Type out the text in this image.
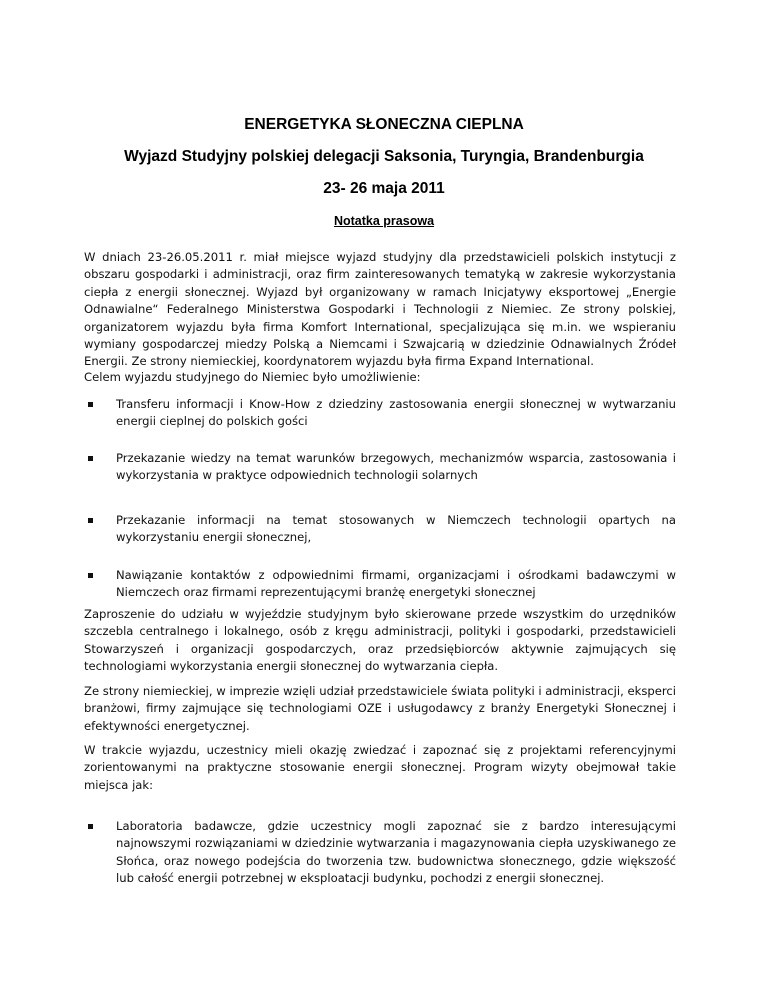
ENERGETYKA SŁONECZNA CIEPLNA
Wyjazd Studyjny polskiej delegacji Saksonia, Turyngia, Brandenburgia
23- 26 maja 2011
Notatka prasowa
W dniach 23-26.05.2011 r. miał miejsce wyjazd studyjny dla przedstawicieli polskich instytucji z obszaru gospodarki i administracji, oraz firm zainteresowanych tematyką w zakresie wykorzystania ciepła z energii słonecznej. Wyjazd był organizowany w ramach Inicjatywy eksportowej „Energie Odnawialne“ Federalnego Ministerstwa Gospodarki i Technologii z Niemiec. Ze strony polskiej, organizatorem wyjazdu była firma Komfort International, specjalizująca się m.in. we wspieraniu wymiany gospodarczej miedzy Polską a Niemcami i Szwajcarią w dziedzinie Odnawialnych Źródeł Energii. Ze strony niemieckiej, koordynatorem wyjazdu była firma Expand International.
Celem wyjazdu studyjnego do Niemiec było umożliwienie:
Transferu informacji i Know-How z dziedziny zastosowania energii słonecznej w wytwarzaniu energii cieplnej do polskich gości
Przekazanie wiedzy na temat warunków brzegowych, mechanizmów wsparcia, zastosowania i wykorzystania w praktyce odpowiednich technologii solarnych
Przekazanie informacji na temat stosowanych w Niemczech technologii opartych na wykorzystaniu energii słonecznej,
Nawiązanie kontaktów z odpowiednimi firmami, organizacjami i ośrodkami badawczymi w Niemczech oraz firmami reprezentującymi branżę energetyki słonecznej
Zaproszenie do udziału w wyjeździe studyjnym było skierowane przede wszystkim do urzędników szczebla centralnego i lokalnego, osób z kręgu administracji, polityki i gospodarki, przedstawicieli Stowarzyszeń i organizacji gospodarczych, oraz przedsiębiorców aktywnie zajmujących się technologiami wykorzystania energii słonecznej do wytwarzania ciepła.
Ze strony niemieckiej, w imprezie wzięli udział przedstawiciele świata polityki i administracji, eksperci branżowi, firmy zajmujące się technologiami OZE i usługodawcy z branży Energetyki Słonecznej i efektywności energetycznej.
W trakcie wyjazdu, uczestnicy mieli okazję zwiedzać i zapoznać się z projektami referencyjnymi zorientowanymi na praktyczne stosowanie energii słonecznej. Program wizyty obejmował takie miejsca jak:
Laboratoria badawcze, gdzie uczestnicy mogli zapoznać sie z bardzo interesującymi najnowszymi rozwiązaniami w dziedzinie wytwarzania i magazynowania ciepła uzyskiwanego ze Słońca, oraz nowego podejścia do tworzenia tzw. budownictwa słonecznego, gdzie większość lub całość energii potrzebnej w eksploatacji budynku, pochodzi z energii słonecznej.
